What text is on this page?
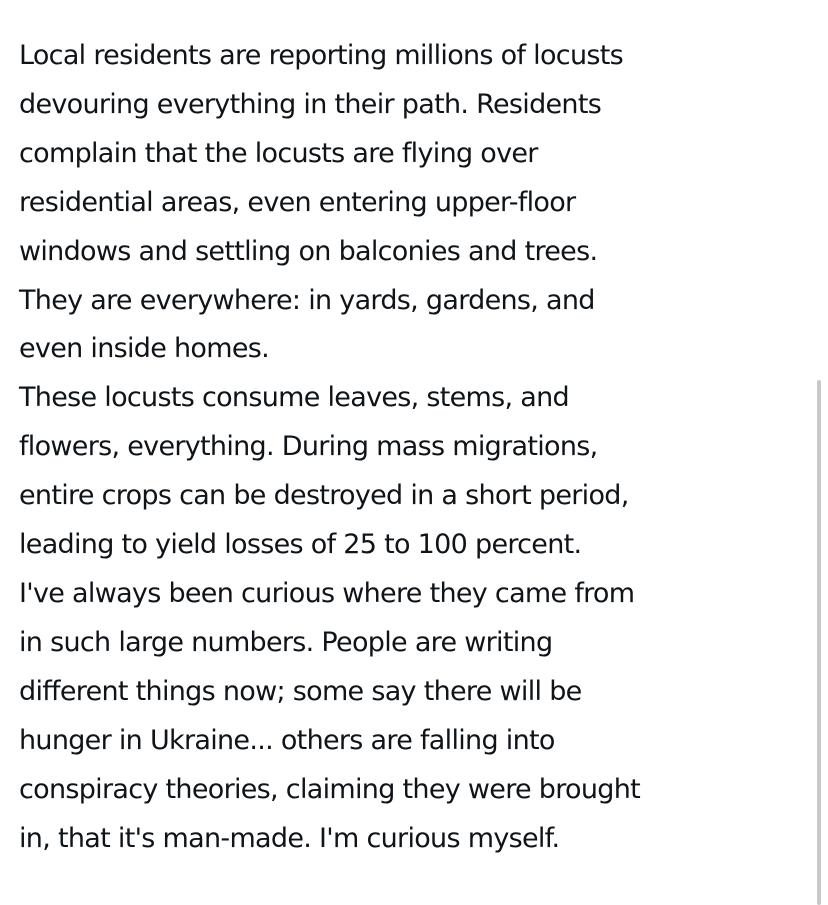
Local residents are reporting millions of locusts
devouring everything in their path. Residents
complain that the locusts are flying over
residential areas, even entering upper-floor
windows and settling on balconies and trees.
They are everywhere: in yards, gardens, and
even inside homes.
These locusts consume leaves, stems, and
flowers, everything. During mass migrations,
entire crops can be destroyed in a short period,
leading to yield losses of 25 to 100 percent.
I've always been curious where they came from
in such large numbers. People are writing
different things now; some say there will be
hunger in Ukraine... others are falling into
conspiracy theories, claiming they were brought
in, that it's man-made. I'm curious myself.
